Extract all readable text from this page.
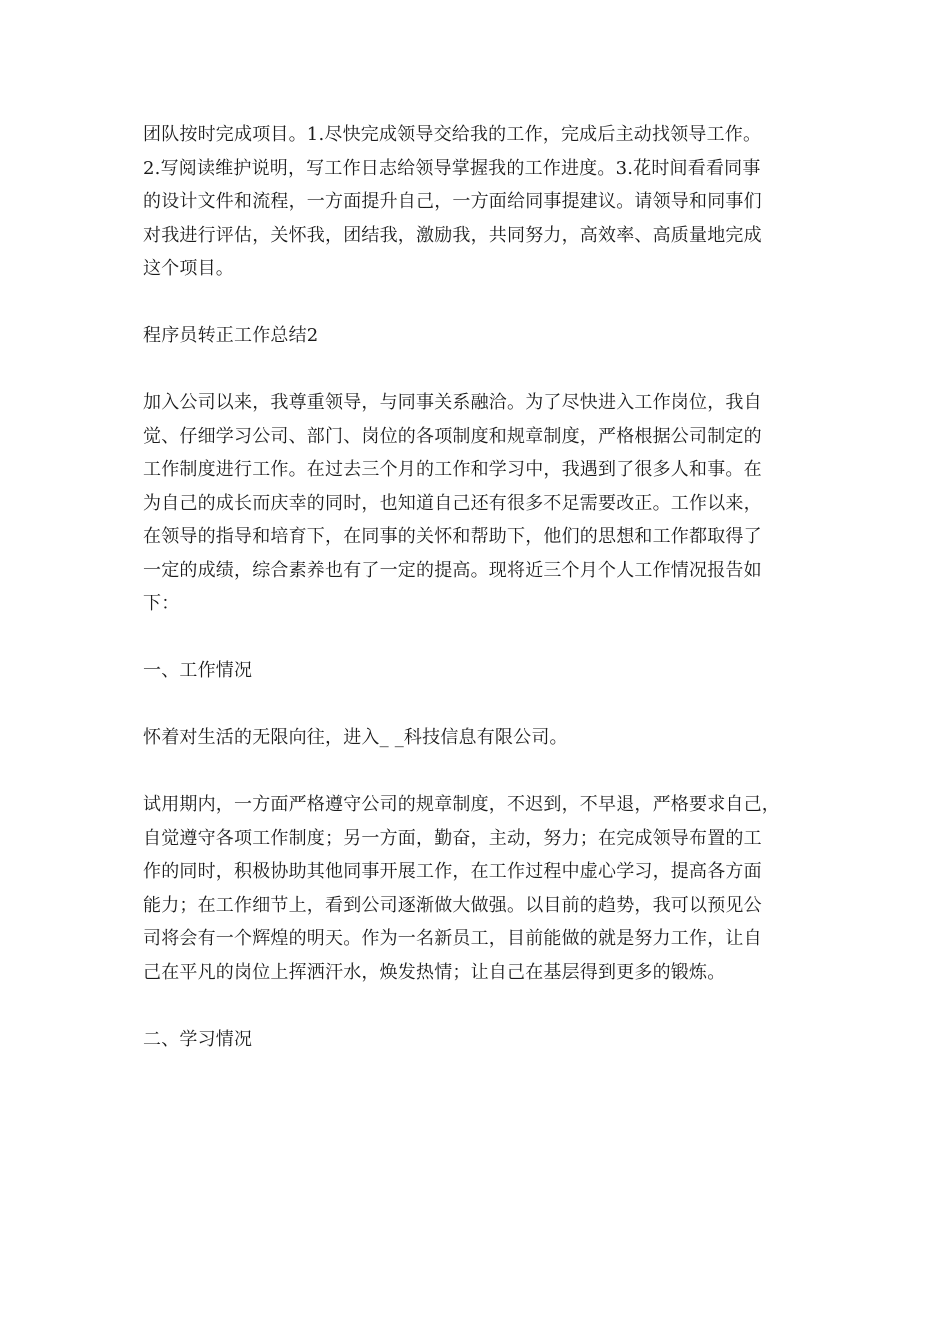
团队按时完成项目。1.尽快完成领导交给我的工作，完成后主动找领导工作。
2.写阅读维护说明，写工作日志给领导掌握我的工作进度。3.花时间看看同事
的设计文件和流程，一方面提升自己，一方面给同事提建议。请领导和同事们
对我进行评估，关怀我，团结我，激励我，共同努力，高效率、高质量地完成
这个项目。

程序员转正工作总结2

加入公司以来，我尊重领导，与同事关系融洽。为了尽快进入工作岗位，我自
觉、仔细学习公司、部门、岗位的各项制度和规章制度，严格根据公司制定的
工作制度进行工作。在过去三个月的工作和学习中，我遇到了很多人和事。在
为自己的成长而庆幸的同时，也知道自己还有很多不足需要改正。工作以来，
在领导的指导和培育下，在同事的关怀和帮助下，他们的思想和工作都取得了
一定的成绩，综合素养也有了一定的提高。现将近三个月个人工作情况报告如
下：

一、工作情况

怀着对生活的无限向往，进入_ _科技信息有限公司。

试用期内，一方面严格遵守公司的规章制度，不迟到，不早退，严格要求自己，
自觉遵守各项工作制度；另一方面，勤奋，主动，努力；在完成领导布置的工
作的同时，积极协助其他同事开展工作，在工作过程中虚心学习，提高各方面
能力；在工作细节上，看到公司逐渐做大做强。以目前的趋势，我可以预见公
司将会有一个辉煌的明天。作为一名新员工，目前能做的就是努力工作，让自
己在平凡的岗位上挥洒汗水，焕发热情；让自己在基层得到更多的锻炼。

二、学习情况
